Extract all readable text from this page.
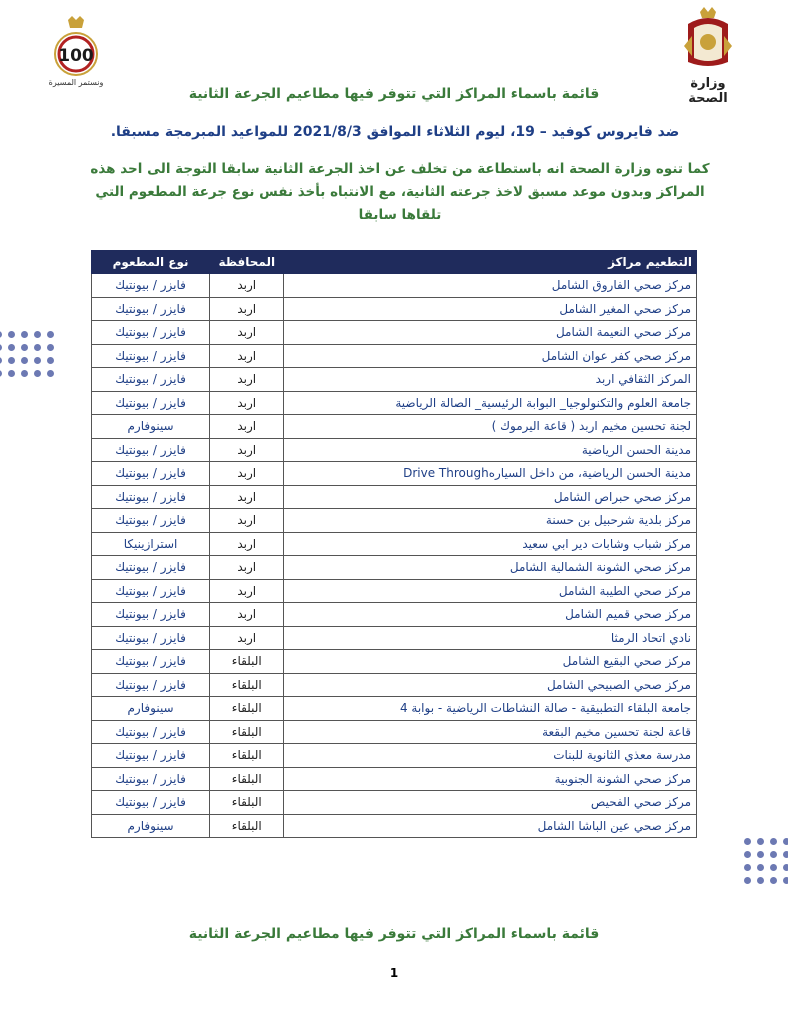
100
ونستمر المسيرة	وزارة الصحة
قائمة باسماء المراكز التي تتوفر فيها مطاعيم الجرعة الثانية
ضد فايروس كوفيد – 19، ليوم الثلاثاء الموافق 2021/8/3 للمواعيد المبرمجة مسبقا.
كما تنوه وزارة الصحة انه باستطاعة من تخلف عن اخذ الجرعة الثانية سابقا التوجة الى احد هذه المراكز وبدون موعد مسبق لاخذ جرعته الثانية، مع الانتباه بأخذ نفس نوع جرعة المطعوم التي تلقاها سابقا
التطعيم مراكز	المحافظة	نوع المطعوم
مركز صحي الفاروق الشامل	اربد	فايزر / بيونتيك
مركز صحي المغير الشامل	اربد	فايزر / بيونتيك
مركز صحي النعيمة الشامل	اربد	فايزر / بيونتيك
مركز صحي كفر عوان الشامل	اربد	فايزر / بيونتيك
المركز الثقافي اربد	اربد	فايزر / بيونتيك
جامعة العلوم والتكنولوجيا_ البوابة الرئيسية_ الصالة الرياضية	اربد	فايزر / بيونتيك
لجنة تحسين مخيم اربد ( قاعة اليرموك )	اربد	سينوفارم
مدينة الحسن الرياضية	اربد	فايزر / بيونتيك
مدينة الحسن الرياضية، من داخل السيارهDrive Through	اربد	فايزر / بيونتيك
مركز صحي حبراص الشامل	اربد	فايزر / بيونتيك
مركز بلدية شرحبيل بن حسنة	اربد	فايزر / بيونتيك
مركز شباب وشابات دير ابي سعيد	اربد	استرازينيكا
مركز صحي الشونة الشمالية الشامل	اربد	فايزر / بيونتيك
مركز صحي الطيبة الشامل	اربد	فايزر / بيونتيك
مركز صحي قميم الشامل	اربد	فايزر / بيونتيك
نادي اتحاد الرمثا	اربد	فايزر / بيونتيك
مركز صحي البقيع الشامل	البلقاء	فايزر / بيونتيك
مركز صحي الصبيحي الشامل	البلقاء	فايزر / بيونتيك
جامعة البلقاء التطبيقية - صالة النشاطات الرياضية - بوابة 4	البلقاء	سينوفارم
قاعة لجنة تحسين مخيم البقعة	البلقاء	فايزر / بيونتيك
مدرسة معذي الثانوية للبنات	البلقاء	فايزر / بيونتيك
مركز صحي الشونة الجنوبية	البلقاء	فايزر / بيونتيك
مركز صحي الفحيص	البلقاء	فايزر / بيونتيك
مركز صحي عين الباشا الشامل	البلقاء	سينوفارم
قائمة باسماء المراكز التي تتوفر فيها مطاعيم الجرعة الثانية
1
